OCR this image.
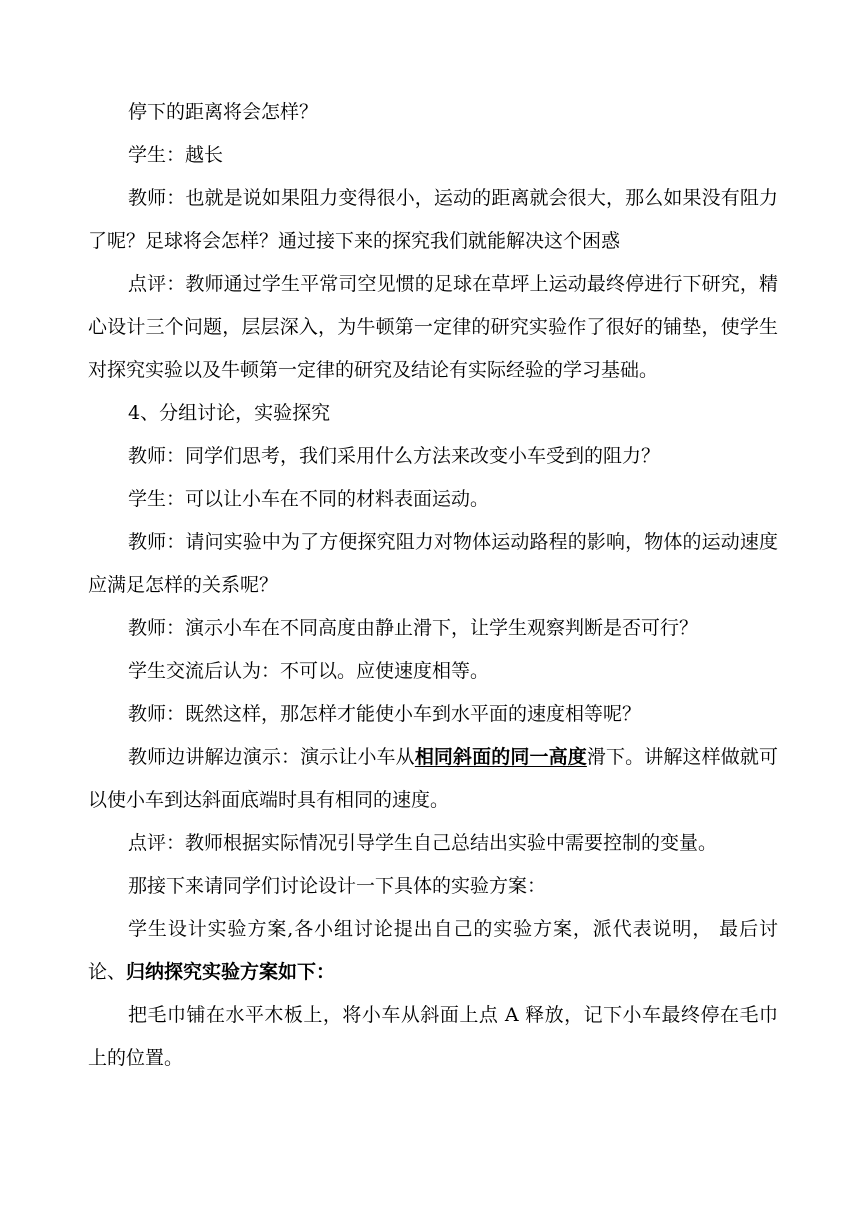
停下的距离将会怎样？

学生：越长

教师：也就是说如果阻力变得很小，运动的距离就会很大，那么如果没有阻力了呢？足球将会怎样？通过接下来的探究我们就能解决这个困惑

点评：教师通过学生平常司空见惯的足球在草坪上运动最终停进行下研究，精心设计三个问题，层层深入，为牛顿第一定律的研究实验作了很好的铺垫，使学生对探究实验以及牛顿第一定律的研究及结论有实际经验的学习基础。

4、分组讨论，实验探究

教师：同学们思考，我们采用什么方法来改变小车受到的阻力？

学生：可以让小车在不同的材料表面运动。

教师：请问实验中为了方便探究阻力对物体运动路程的影响，物体的运动速度应满足怎样的关系呢？

教师：演示小车在不同高度由静止滑下，让学生观察判断是否可行？

学生交流后认为：不可以。应使速度相等。

教师：既然这样，那怎样才能使小车到水平面的速度相等呢？

教师边讲解边演示：演示让小车从相同斜面的同一高度滑下。讲解这样做就可以使小车到达斜面底端时具有相同的速度。

点评：教师根据实际情况引导学生自己总结出实验中需要控制的变量。

那接下来请同学们讨论设计一下具体的实验方案：

学生设计实验方案,各小组讨论提出自己的实验方案，派代表说明， 最后讨论、归纳探究实验方案如下：

把毛巾铺在水平木板上，将小车从斜面上点 A 释放，记下小车最终停在毛巾上的位置。
